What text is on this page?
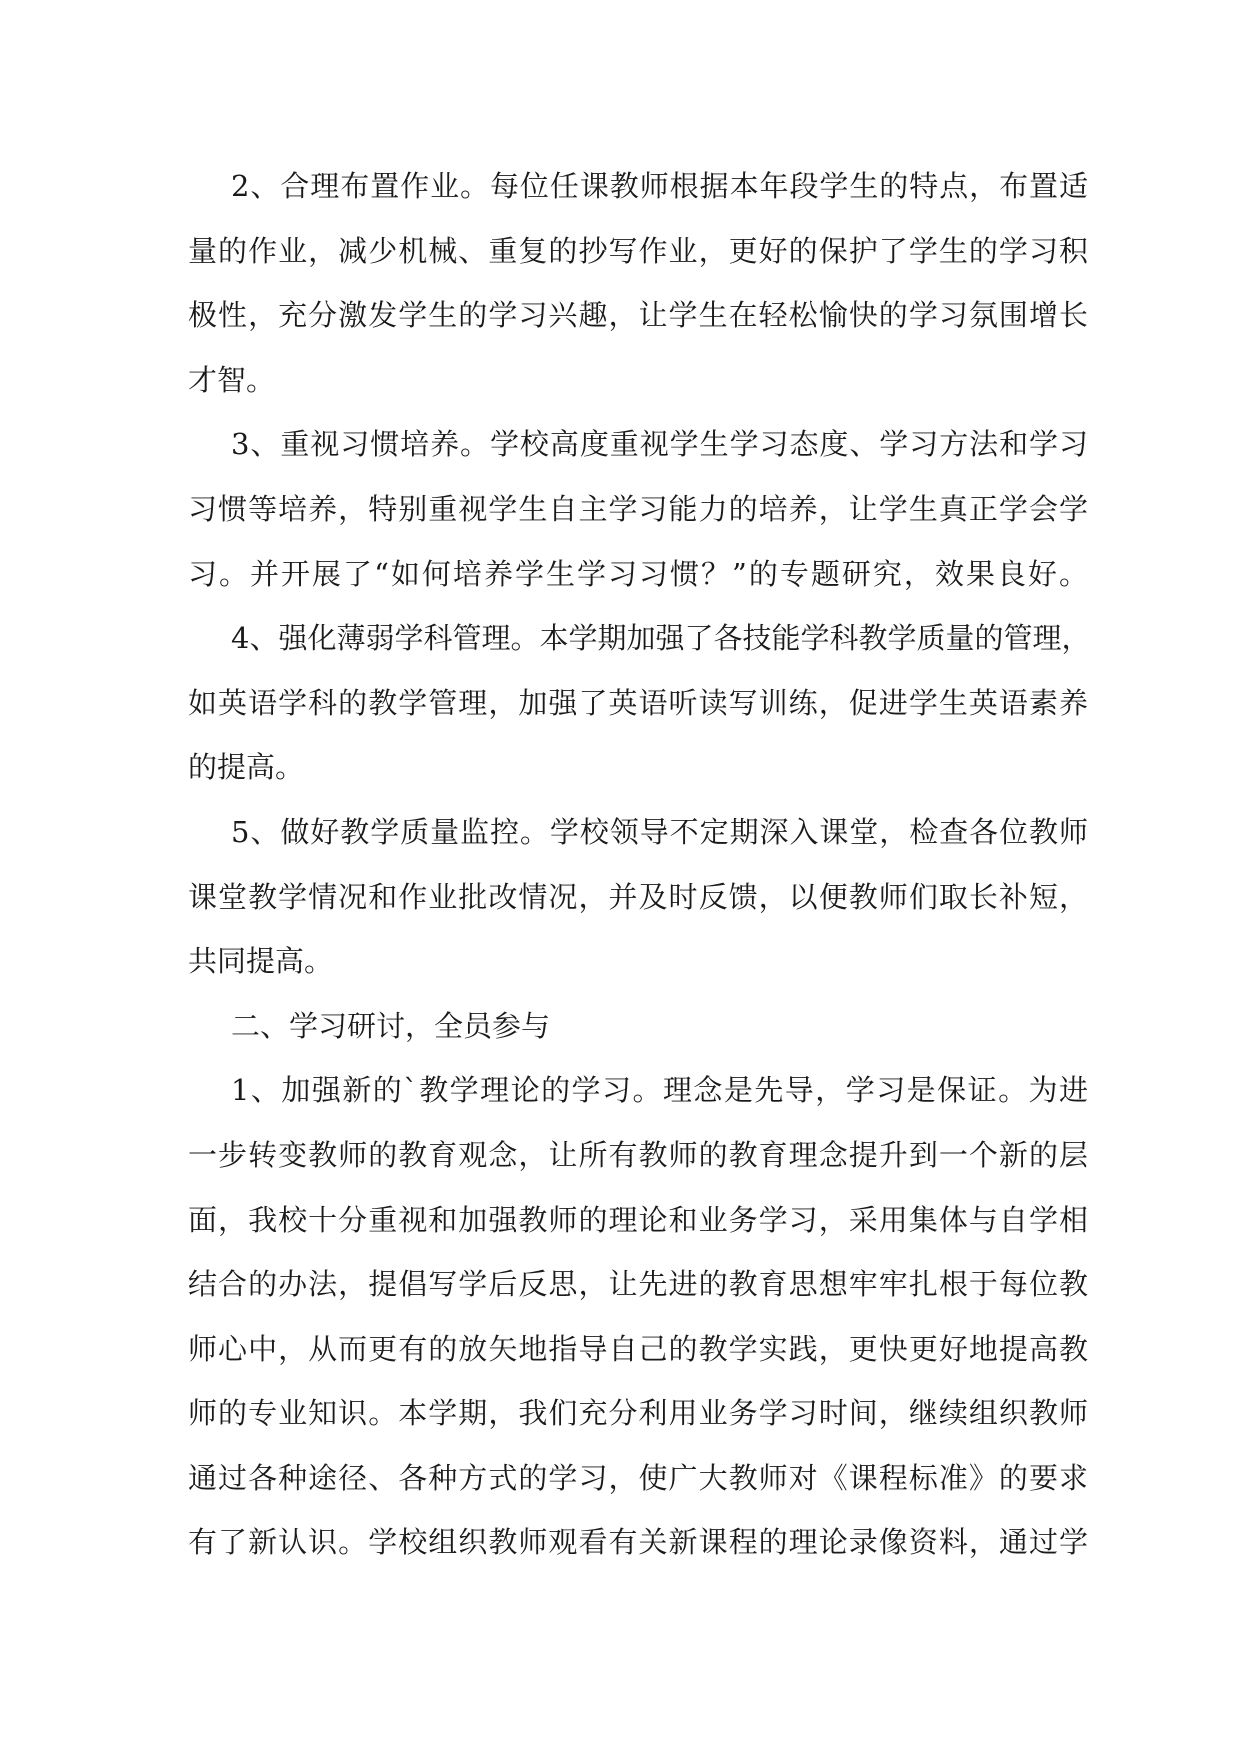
2、合理布置作业。每位任课教师根据本年段学生的特点，布置适
量的作业，减少机械、重复的抄写作业，更好的保护了学生的学习积
极性，充分激发学生的学习兴趣，让学生在轻松愉快的学习氛围增长
才智。
3、重视习惯培养。学校高度重视学生学习态度、学习方法和学习
习惯等培养，特别重视学生自主学习能力的培养，让学生真正学会学
习。并开展了“如何培养学生学习习惯？”的专题研究，效果良好。
4、强化薄弱学科管理。本学期加强了各技能学科教学质量的管理，
如英语学科的教学管理，加强了英语听读写训练，促进学生英语素养
的提高。
5、做好教学质量监控。学校领导不定期深入课堂，检查各位教师
课堂教学情况和作业批改情况，并及时反馈，以便教师们取长补短，
共同提高。
二、学习研讨，全员参与
1、加强新的`教学理论的学习。理念是先导，学习是保证。为进
一步转变教师的教育观念，让所有教师的教育理念提升到一个新的层
面，我校十分重视和加强教师的理论和业务学习，采用集体与自学相
结合的办法，提倡写学后反思，让先进的教育思想牢牢扎根于每位教
师心中，从而更有的放矢地指导自己的教学实践，更快更好地提高教
师的专业知识。本学期，我们充分利用业务学习时间，继续组织教师
通过各种途径、各种方式的学习，使广大教师对《课程标准》的要求
有了新认识。学校组织教师观看有关新课程的理论录像资料，通过学
